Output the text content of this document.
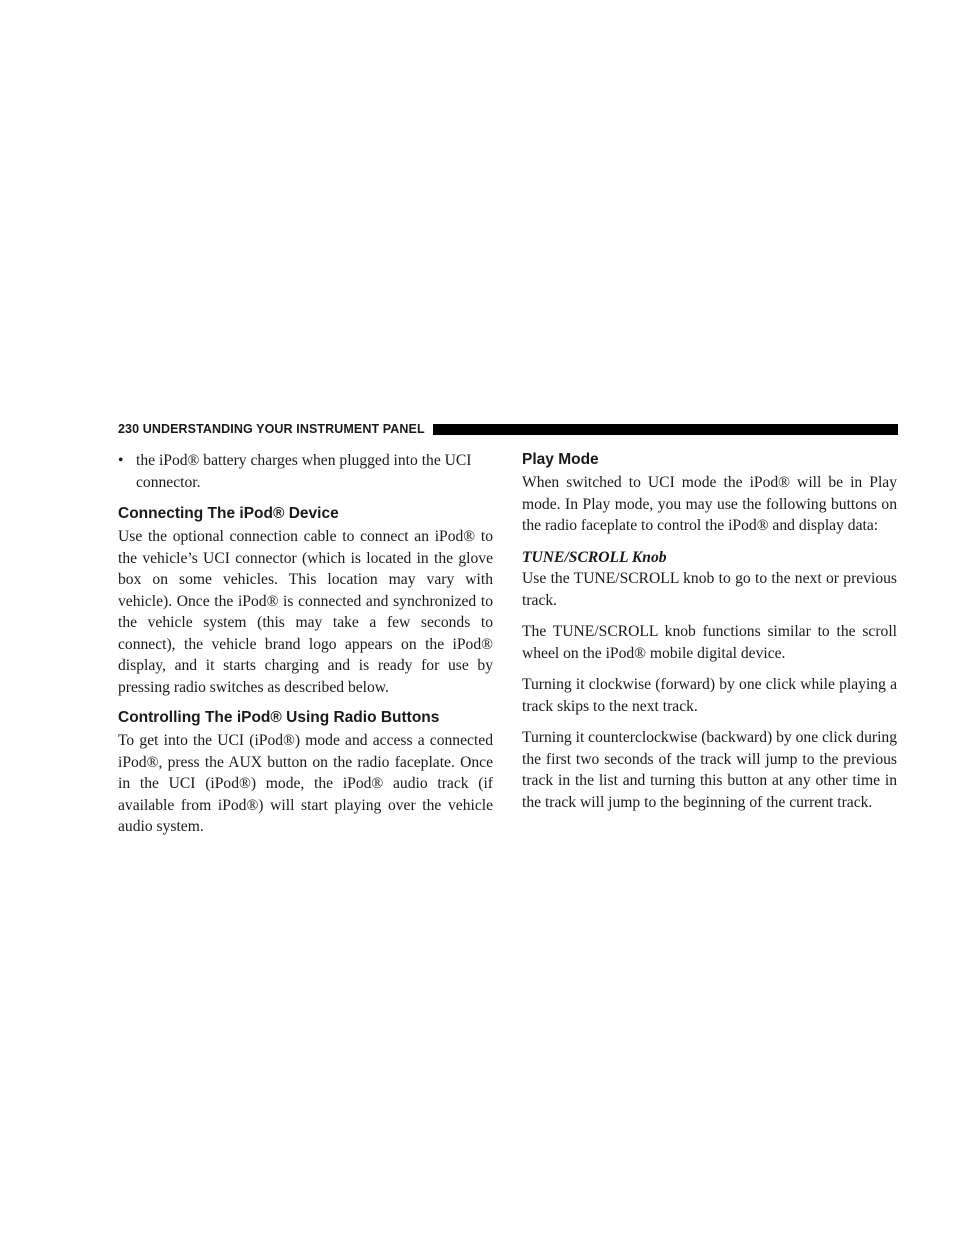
230 UNDERSTANDING YOUR INSTRUMENT PANEL
• the iPod® battery charges when plugged into the UCI connector.
Connecting The iPod® Device

Use the optional connection cable to connect an iPod® to the vehicle’s UCI connector (which is located in the glove box on some vehicles. This location may vary with vehicle). Once the iPod® is connected and synchronized to the vehicle system (this may take a few seconds to connect), the vehicle brand logo appears on the iPod® display, and it starts charging and is ready for use by pressing radio switches as described below.

Controlling The iPod® Using Radio Buttons

To get into the UCI (iPod®) mode and access a connected iPod®, press the AUX button on the radio faceplate. Once in the UCI (iPod®) mode, the iPod® audio track (if available from iPod®) will start playing over the vehicle audio system.

Play Mode

When switched to UCI mode the iPod® will be in Play mode. In Play mode, you may use the following buttons on the radio faceplate to control the iPod® and display data:

TUNE/SCROLL Knob

Use the TUNE/SCROLL knob to go to the next or previous track.

The TUNE/SCROLL knob functions similar to the scroll wheel on the iPod® mobile digital device.

Turning it clockwise (forward) by one click while playing a track skips to the next track.

Turning it counterclockwise (backward) by one click during the first two seconds of the track will jump to the previous track in the list and turning this button at any other time in the track will jump to the beginning of the current track.
